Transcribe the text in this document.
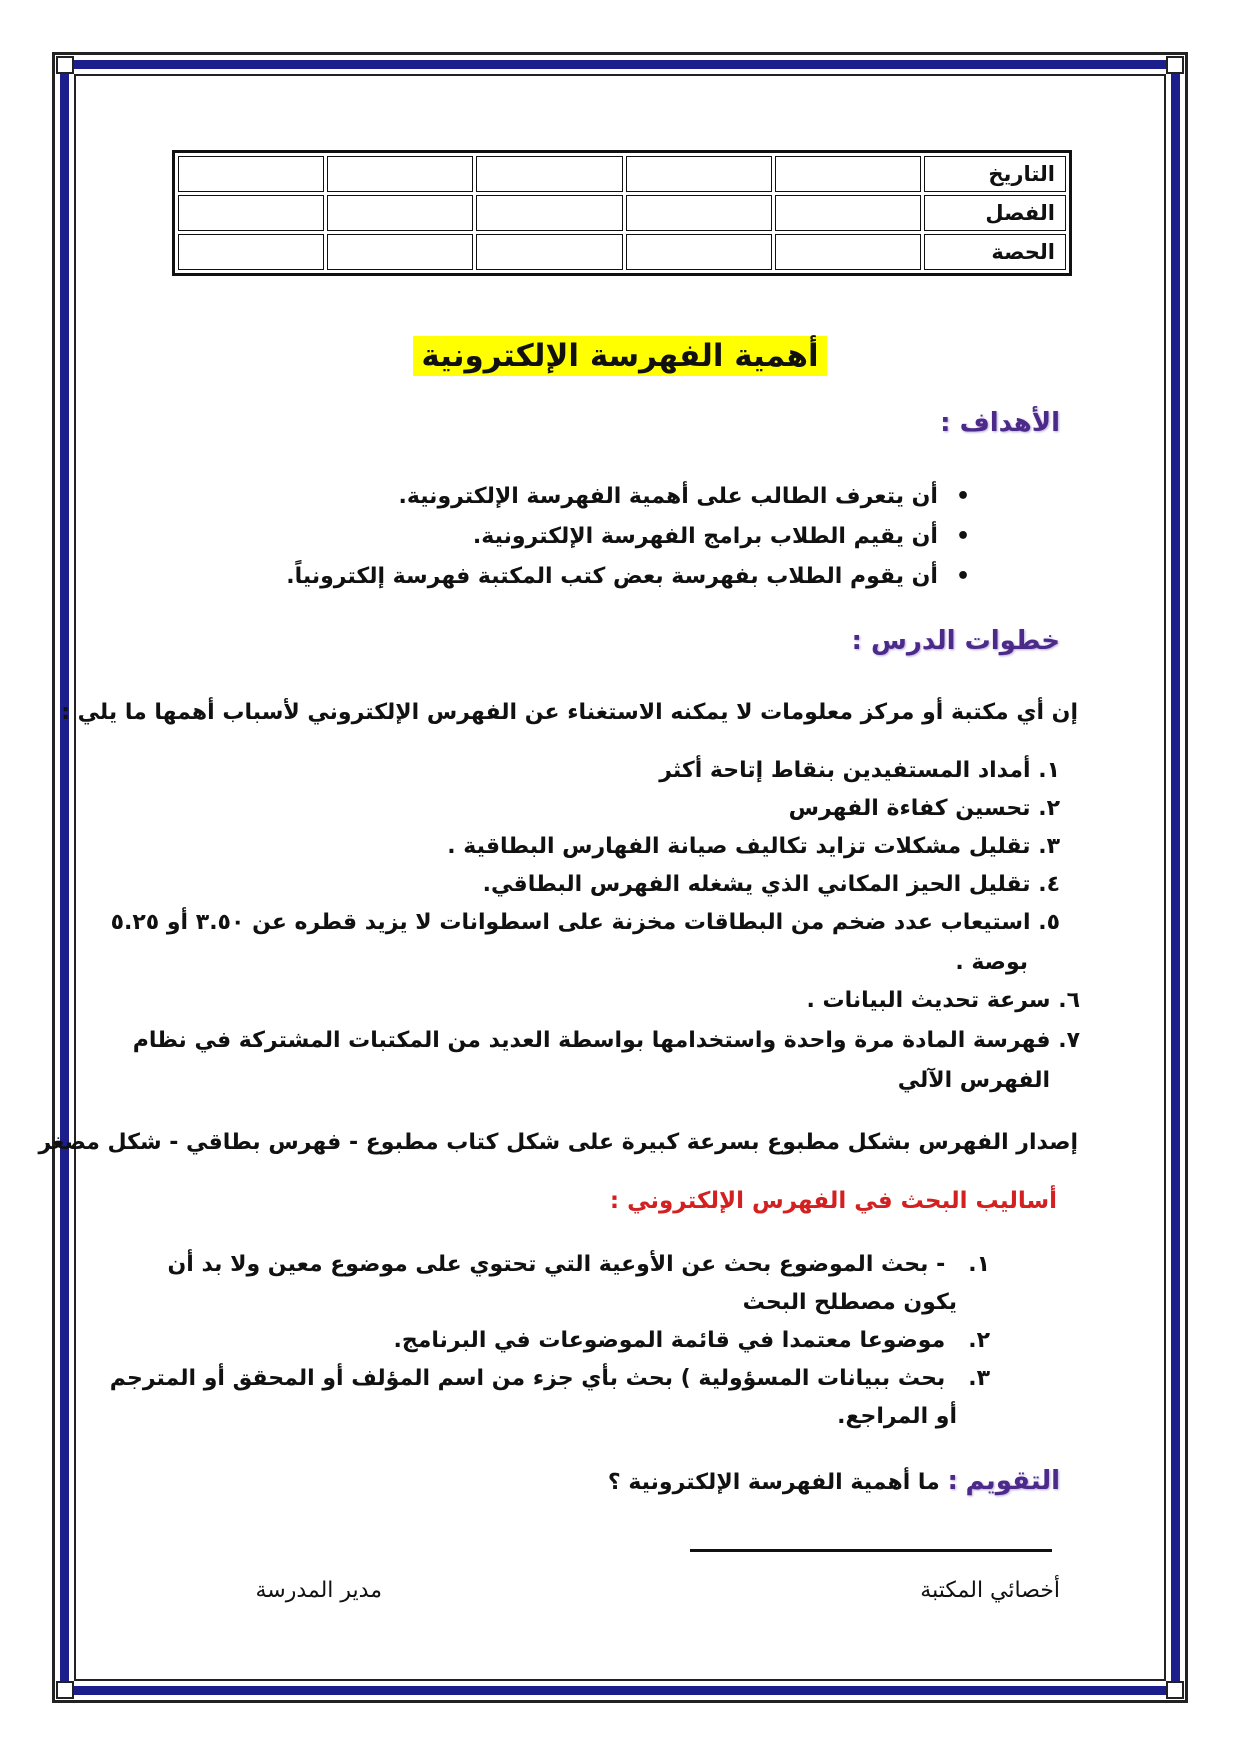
التاريخ					
الفصل					
الحصة					
أهمية الفهرسة الإلكترونية
الأهداف :
• أن يتعرف الطالب على أهمية الفهرسة الإلكترونية.
• أن يقيم الطلاب برامج الفهرسة الإلكترونية.
• أن يقوم الطلاب بفهرسة بعض كتب المكتبة فهرسة إلكترونياً.
خطوات الدرس :
إن أي مكتبة أو مركز معلومات لا يمكنه الاستغناء عن الفهرس الإلكتروني لأسباب أهمها ما يلي :
١. أمداد المستفيدين بنقاط إتاحة أكثر
٢. تحسين كفاءة الفهرس
٣. تقليل مشكلات تزايد تكاليف صيانة الفهارس البطاقية .
٤. تقليل الحيز المكاني الذي يشغله الفهرس البطاقي.
٥. استيعاب عدد ضخم من البطاقات مخزنة على اسطوانات لا يزيد قطره عن ٣.٥٠ أو ٥.٢٥
بوصة .
٦. سرعة تحديث البيانات .
٧. فهرسة المادة مرة واحدة واستخدامها بواسطة العديد من المكتبات المشتركة في نظام
الفهرس الآلي
إصدار الفهرس بشكل مطبوع بسرعة كبيرة على شكل كتاب مطبوع - فهرس بطاقي - شكل مصغر
أساليب البحث في الفهرس الإلكتروني :
١.   - بحث الموضوع بحث عن الأوعية التي تحتوي على موضوع معين ولا بد أن
يكون مصطلح البحث
٢.   موضوعا معتمدا في قائمة الموضوعات في البرنامج.
٣.   بحث ببيانات المسؤولية ) بحث بأي جزء من اسم المؤلف أو المحقق أو المترجم
أو المراجع.
التقويم : ما أهمية الفهرسة الإلكترونية ؟
أخصائي المكتبة
مدير المدرسة
